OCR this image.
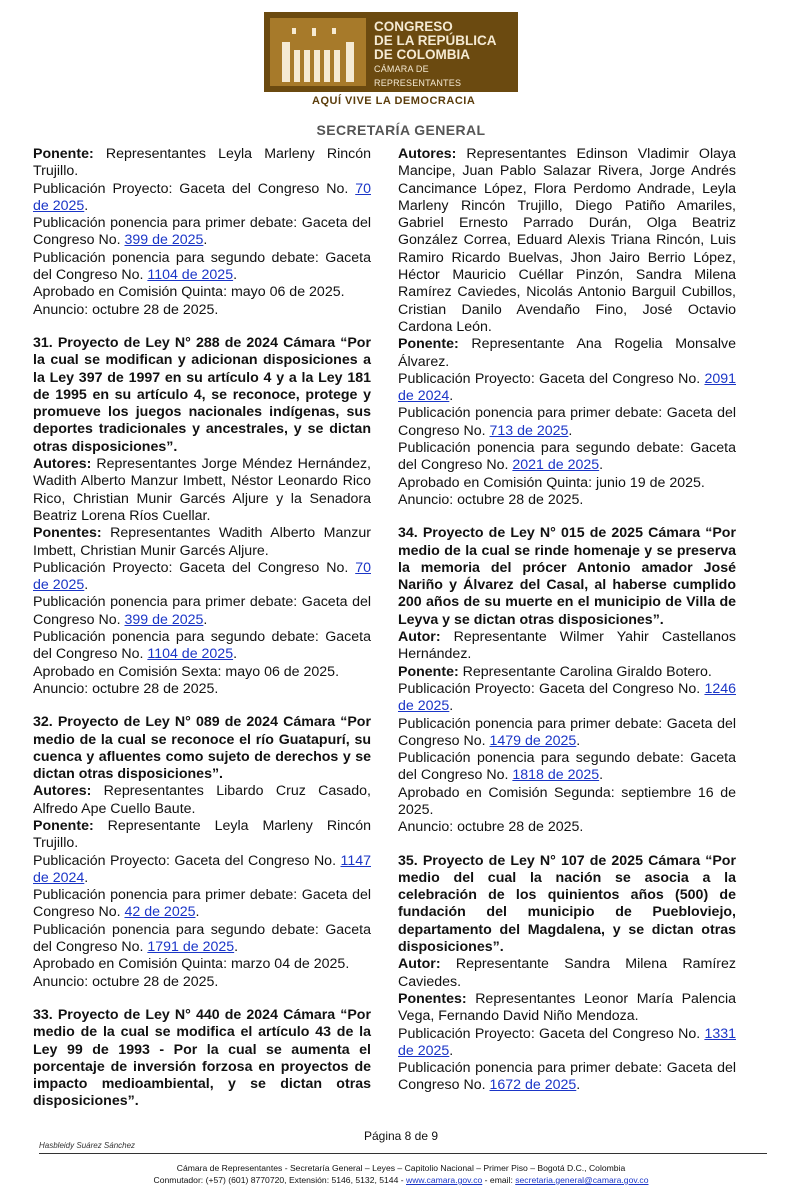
CONGRESO
DE LA REPÚBLICA
DE COLOMBIA
CÁMARA DE REPRESENTANTES
AQUÍ VIVE LA DEMOCRACIA
SECRETARÍA GENERAL

Ponente: Representantes Leyla Marleny Rincón Trujillo.

Publicación Proyecto: Gaceta del Congreso No. 70 de 2025.

Publicación ponencia para primer debate: Gaceta del Congreso No. 399 de 2025.

Publicación ponencia para segundo debate: Gaceta del Congreso No. 1104 de 2025.

Aprobado en Comisión Quinta: mayo 06 de 2025.

Anuncio: octubre 28 de 2025.

31. Proyecto de Ley N° 288 de 2024 Cámara “Por la cual se modifican y adicionan disposiciones a la Ley 397 de 1997 en su artículo 4 y a la Ley 181 de 1995 en su artículo 4, se reconoce, protege y promueve los juegos nacionales indígenas, sus deportes tradicionales y ancestrales, y se dictan otras disposiciones”.

Autores: Representantes Jorge Méndez Hernández, Wadith Alberto Manzur Imbett, Néstor Leonardo Rico Rico, Christian Munir Garcés Aljure y la Senadora Beatriz Lorena Ríos Cuellar.

Ponentes: Representantes Wadith Alberto Manzur Imbett, Christian Munir Garcés Aljure.

Publicación Proyecto: Gaceta del Congreso No. 70 de 2025.

Publicación ponencia para primer debate: Gaceta del Congreso No. 399 de 2025.

Publicación ponencia para segundo debate: Gaceta del Congreso No. 1104 de 2025.

Aprobado en Comisión Sexta: mayo 06 de 2025.

Anuncio: octubre 28 de 2025.

32. Proyecto de Ley N° 089 de 2024 Cámara “Por medio de la cual se reconoce el río Guatapurí, su cuenca y afluentes como sujeto de derechos y se dictan otras disposiciones”.

Autores: Representantes Libardo Cruz Casado, Alfredo Ape Cuello Baute.

Ponente: Representante Leyla Marleny Rincón Trujillo.

Publicación Proyecto: Gaceta del Congreso No. 1147 de 2024.

Publicación ponencia para primer debate: Gaceta del Congreso No. 42 de 2025.

Publicación ponencia para segundo debate: Gaceta del Congreso No. 1791 de 2025.

Aprobado en Comisión Quinta: marzo 04 de 2025.

Anuncio: octubre 28 de 2025.

33. Proyecto de Ley N° 440 de 2024 Cámara “Por medio de la cual se modifica el artículo 43 de la Ley 99 de 1993 - Por la cual se aumenta el porcentaje de inversión forzosa en proyectos de impacto medioambiental, y se dictan otras disposiciones”.

Autores: Representantes Edinson Vladimir Olaya Mancipe, Juan Pablo Salazar Rivera, Jorge Andrés Cancimance López, Flora Perdomo Andrade, Leyla Marleny Rincón Trujillo, Diego Patiño Amariles, Gabriel Ernesto Parrado Durán, Olga Beatriz González Correa, Eduard Alexis Triana Rincón, Luis Ramiro Ricardo Buelvas, Jhon Jairo Berrio López, Héctor Mauricio Cuéllar Pinzón, Sandra Milena Ramírez Caviedes, Nicolás Antonio Barguil Cubillos, Cristian Danilo Avendaño Fino, José Octavio Cardona León.

Ponente: Representante Ana Rogelia Monsalve Álvarez.

Publicación Proyecto: Gaceta del Congreso No. 2091 de 2024.

Publicación ponencia para primer debate: Gaceta del Congreso No. 713 de 2025.

Publicación ponencia para segundo debate: Gaceta del Congreso No. 2021 de 2025.

Aprobado en Comisión Quinta: junio 19 de 2025.

Anuncio: octubre 28 de 2025.

34. Proyecto de Ley N° 015 de 2025 Cámara “Por medio de la cual se rinde homenaje y se preserva la memoria del prócer Antonio amador José Nariño y Álvarez del Casal, al haberse cumplido 200 años de su muerte en el municipio de Villa de Leyva y se dictan otras disposiciones”.

Autor: Representante Wilmer Yahir Castellanos Hernández.

Ponente: Representante Carolina Giraldo Botero.

Publicación Proyecto: Gaceta del Congreso No. 1246 de 2025.

Publicación ponencia para primer debate: Gaceta del Congreso No. 1479 de 2025.

Publicación ponencia para segundo debate: Gaceta del Congreso No. 1818 de 2025.

Aprobado en Comisión Segunda: septiembre 16 de 2025.

Anuncio: octubre 28 de 2025.

35. Proyecto de Ley N° 107 de 2025 Cámara “Por medio del cual la nación se asocia a la celebración de los quinientos años (500) de fundación del municipio de Puebloviejo, departamento del Magdalena, y se dictan otras disposiciones”.

Autor: Representante Sandra Milena Ramírez Caviedes.

Ponentes: Representantes Leonor María Palencia Vega, Fernando David Niño Mendoza.

Publicación Proyecto: Gaceta del Congreso No. 1331 de 2025.

Publicación ponencia para primer debate: Gaceta del Congreso No. 1672 de 2025.

Página 8 de 9
Hasbleidy Suárez Sánchez
Cámara de Representantes - Secretaría General – Leyes – Capitolio Nacional – Primer Piso – Bogotá D.C., Colombia
Conmutador: (+57) (601) 8770720, Extensión: 5146, 5132, 5144 - www.camara.gov.co - email: secretaria.general@camara.gov.co
